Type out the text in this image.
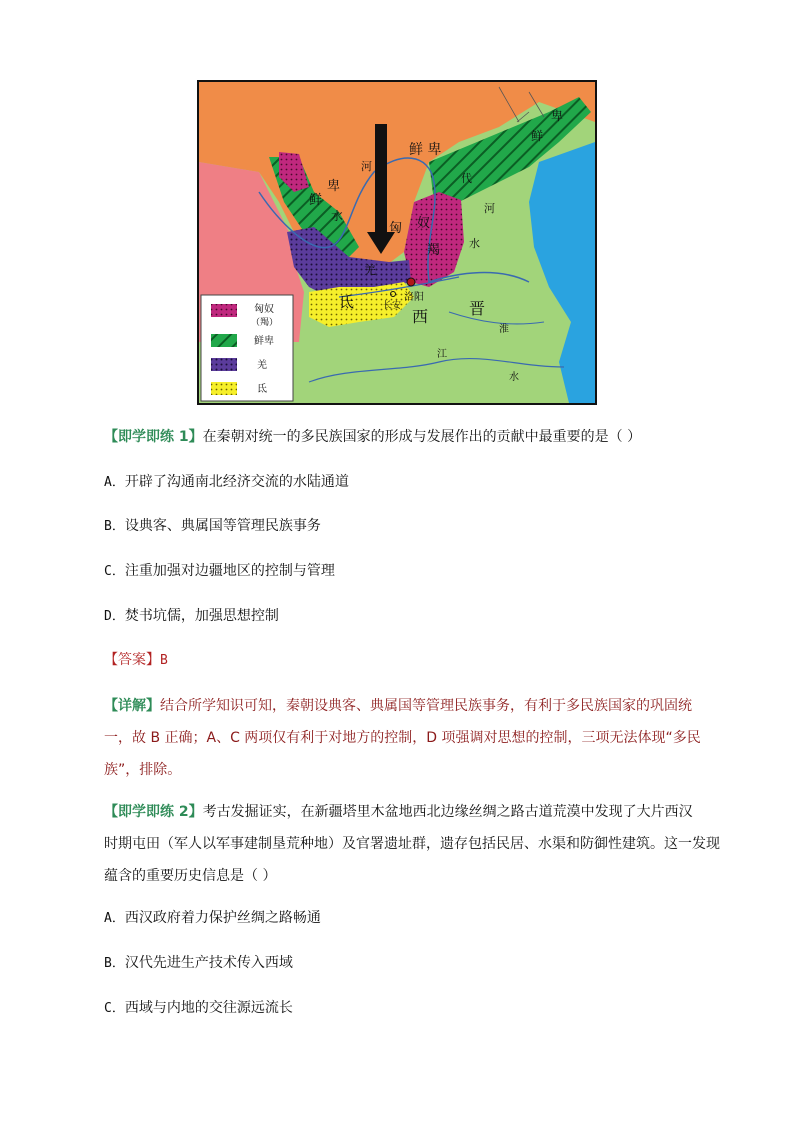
鲜 卑
鲜
卑
鲜
卑
水
河
代
匈 奴
羯
河
水
羌
氐	长安
洛阳
西	晋
江
淮
水
匈奴
（羯）
鲜卑
羌
氐

【即学即练 1】在秦朝对统一的多民族国家的形成与发展作出的贡献中最重要的是（ ）

A．开辟了沟通南北经济交流的水陆通道

B．设典客、典属国等管理民族事务

C．注重加强对边疆地区的控制与管理

D．焚书坑儒，加强思想控制

【答案】B

【详解】结合所学知识可知，秦朝设典客、典属国等管理民族事务，有利于多民族国家的巩固统
一，故 B 正确；A、C 两项仅有利于对地方的控制，D 项强调对思想的控制，三项无法体现“多民
族”，排除。

【即学即练 2】考古发掘证实，在新疆塔里木盆地西北边缘丝绸之路古道荒漠中发现了大片西汉
时期屯田（军人以军事建制垦荒种地）及官署遗址群，遗存包括民居、水渠和防御性建筑。这一发现
蕴含的重要历史信息是（ ）

A．西汉政府着力保护丝绸之路畅通

B．汉代先进生产技术传入西域

C．西域与内地的交往源远流长
